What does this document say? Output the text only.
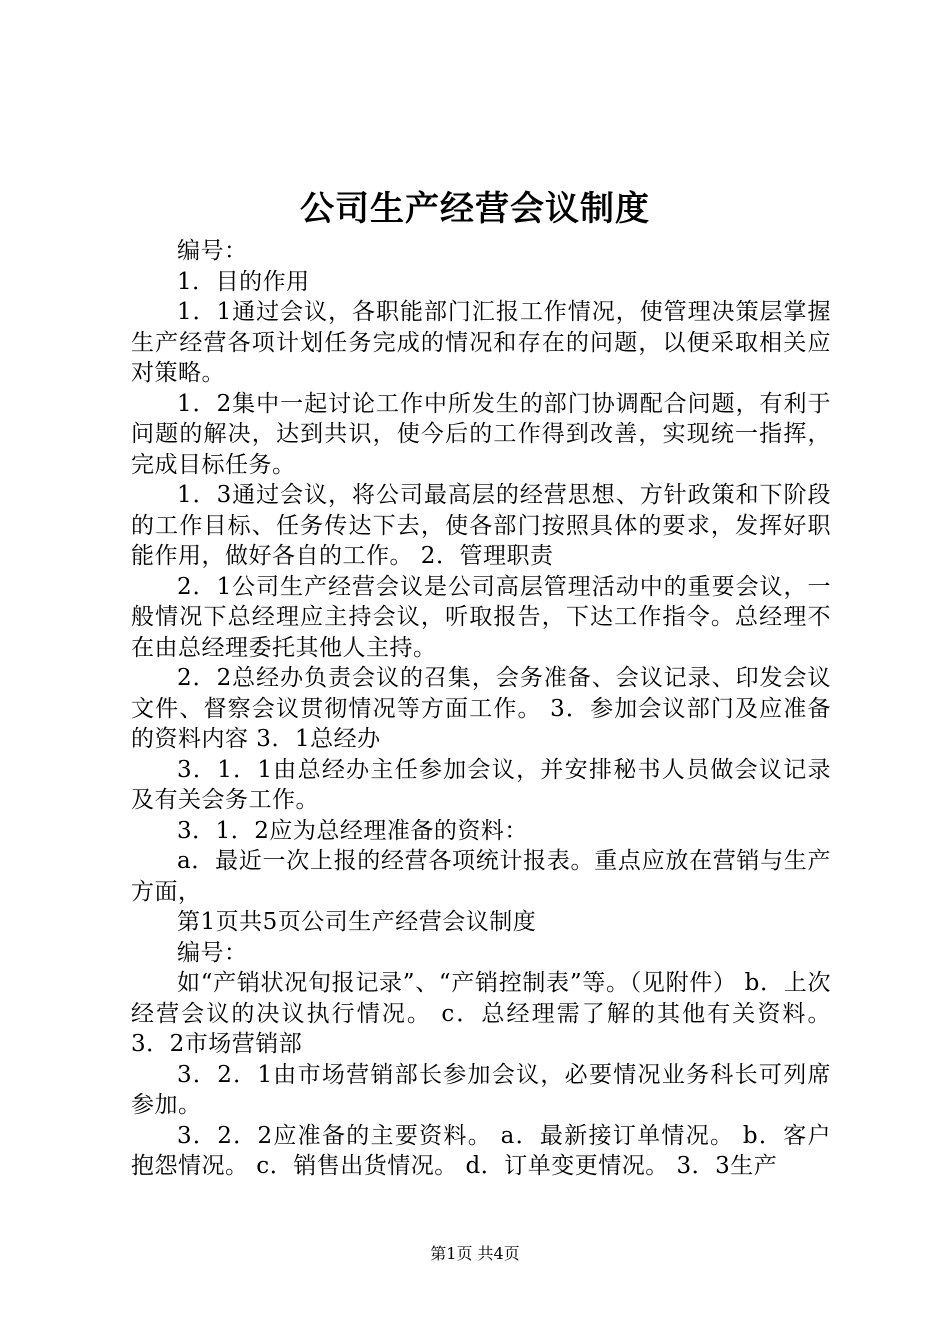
公司生产经营会议制度

编号：

1．目的作用

1．1通过会议，各职能部门汇报工作情况，使管理决策层掌握生产经营各项计划任务完成的情况和存在的问题，以便采取相关应对策略。

1．2集中一起讨论工作中所发生的部门协调配合问题，有利于问题的解决，达到共识，使今后的工作得到改善，实现统一指挥，完成目标任务。

1．3通过会议，将公司最高层的经营思想、方针政策和下阶段的工作目标、任务传达下去，使各部门按照具体的要求，发挥好职能作用，做好各自的工作。 2．管理职责

2．1公司生产经营会议是公司高层管理活动中的重要会议，一般情况下总经理应主持会议，听取报告，下达工作指令。总经理不在由总经理委托其他人主持。

2．2总经办负责会议的召集，会务准备、会议记录、印发会议文件、督察会议贯彻情况等方面工作。 3．参加会议部门及应准备的资料内容 3．1总经办

3．1．1由总经办主任参加会议，并安排秘书人员做会议记录及有关会务工作。

3．1．2应为总经理准备的资料：

a．最近一次上报的经营各项统计报表。重点应放在营销与生产方面，

第1页共5页公司生产经营会议制度

编号：

如“产销状况旬报记录”、“产销控制表”等。（见附件） b．上次经营会议的决议执行情况。 c．总经理需了解的其他有关资料。 3．2市场营销部

3．2．1由市场营销部长参加会议，必要情况业务科长可列席参加。

3．2．2应准备的主要资料。 a．最新接订单情况。 b．客户抱怨情况。 c．销售出货情况。 d．订单变更情况。 3．3生产

第1页 共4页
